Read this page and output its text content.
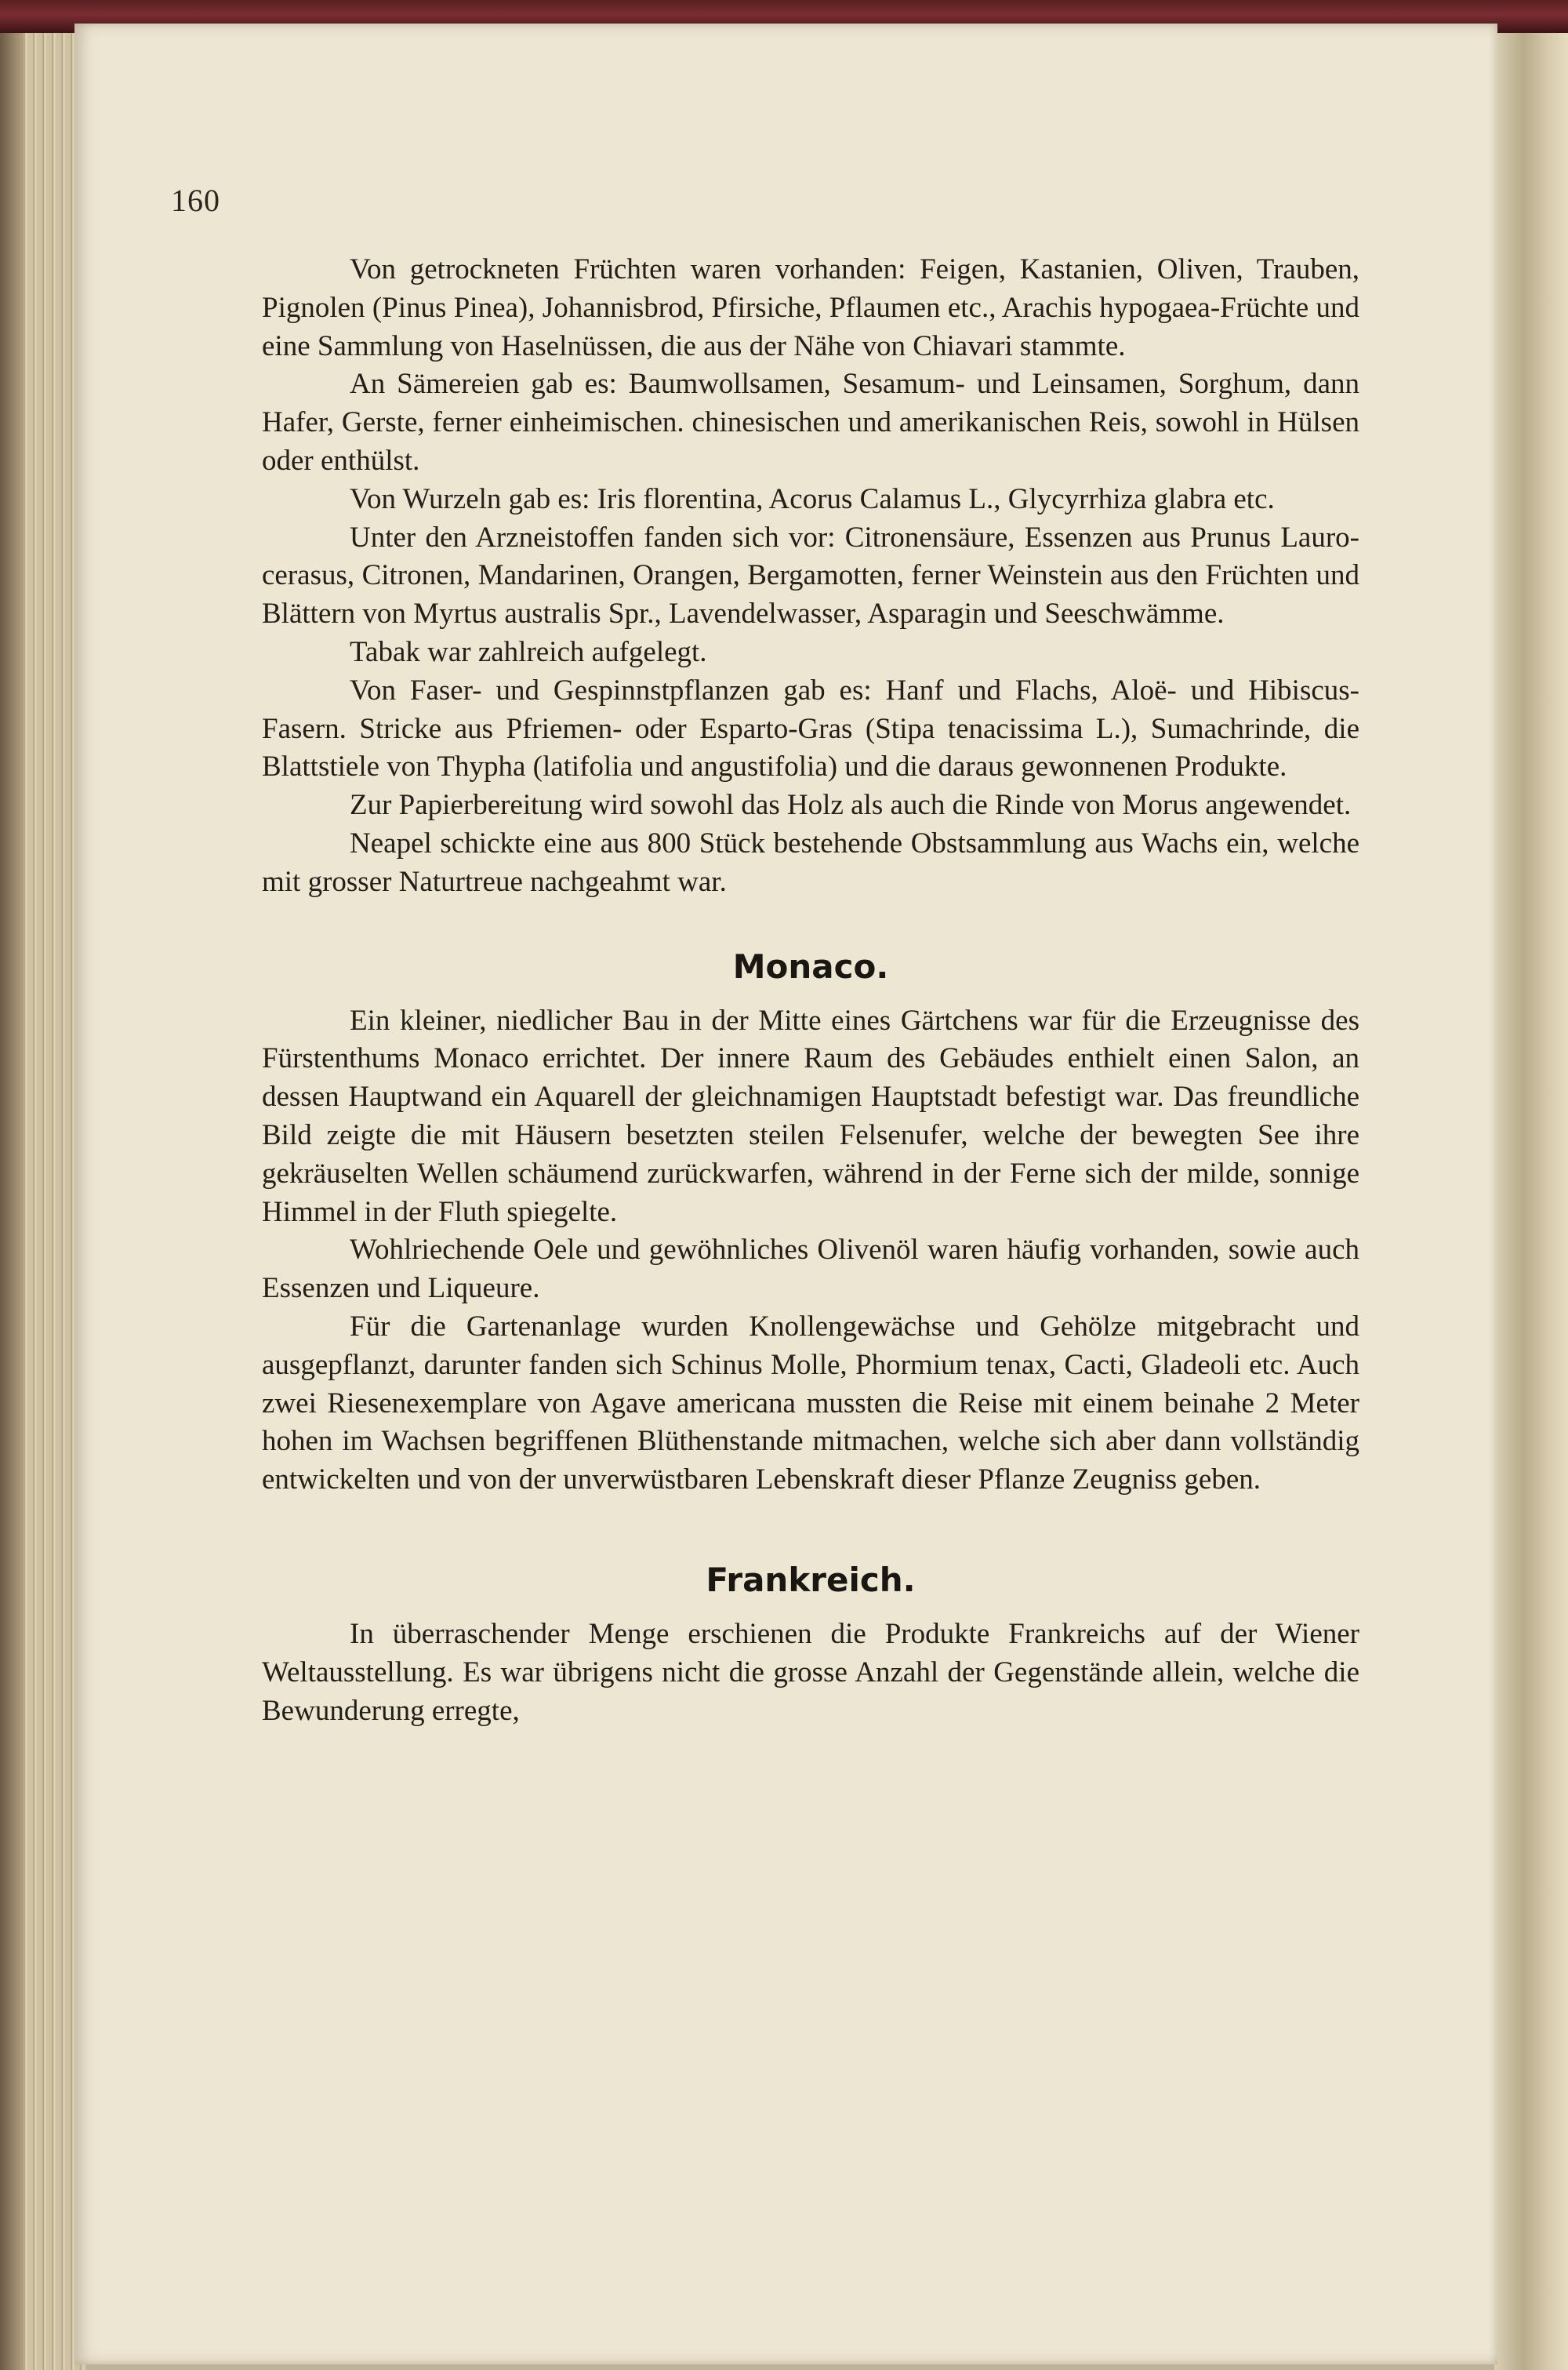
160

Von getrockneten Früchten waren vorhanden: Feigen, Kastanien, Oliven, Trauben, Pignolen (Pinus Pinea), Johannisbrod, Pfirsiche, Pflaumen etc., Arachis hypogaea-Früchte und eine Sammlung von Haselnüssen, die aus der Nähe von Chiavari stammte.

An Sämereien gab es: Baumwollsamen, Sesamum- und Leinsamen, Sorghum, dann Hafer, Gerste, ferner einheimischen. chinesischen und amerikanischen Reis, sowohl in Hülsen oder enthülst.

Von Wurzeln gab es: Iris florentina, Acorus Calamus L., Glycyrrhiza glabra etc.

Unter den Arzneistoffen fanden sich vor: Citronensäure, Essenzen aus Prunus Lauro-cerasus, Citronen, Mandarinen, Orangen, Bergamotten, ferner Weinstein aus den Früchten und Blättern von Myrtus australis Spr., Lavendelwasser, Asparagin und Seeschwämme.

Tabak war zahlreich aufgelegt.

Von Faser- und Gespinnstpflanzen gab es: Hanf und Flachs, Aloë- und Hibiscus-Fasern. Stricke aus Pfriemen- oder Esparto-Gras (Stipa tenacissima L.), Sumachrinde, die Blattstiele von Thypha (latifolia und angustifolia) und die daraus gewonnenen Produkte.

Zur Papierbereitung wird sowohl das Holz als auch die Rinde von Morus angewendet.

Neapel schickte eine aus 800 Stück bestehende Obstsammlung aus Wachs ein, welche mit grosser Naturtreue nachgeahmt war.

Monaco.

Ein kleiner, niedlicher Bau in der Mitte eines Gärtchens war für die Erzeugnisse des Fürstenthums Monaco errichtet. Der innere Raum des Gebäudes enthielt einen Salon, an dessen Hauptwand ein Aquarell der gleichnamigen Hauptstadt befestigt war. Das freundliche Bild zeigte die mit Häusern besetzten steilen Felsenufer, welche der bewegten See ihre gekräuselten Wellen schäumend zurückwarfen, während in der Ferne sich der milde, sonnige Himmel in der Fluth spiegelte.

Wohlriechende Oele und gewöhnliches Olivenöl waren häufig vorhanden, sowie auch Essenzen und Liqueure.

Für die Gartenanlage wurden Knollengewächse und Gehölze mitgebracht und ausgepflanzt, darunter fanden sich Schinus Molle, Phormium tenax, Cacti, Gladeoli etc. Auch zwei Riesenexemplare von Agave americana mussten die Reise mit einem beinahe 2 Meter hohen im Wachsen begriffenen Blüthenstande mitmachen, welche sich aber dann vollständig entwickelten und von der unverwüstbaren Lebenskraft dieser Pflanze Zeugniss geben.

Frankreich.

In überraschender Menge erschienen die Produkte Frankreichs auf der Wiener Weltausstellung. Es war übrigens nicht die grosse Anzahl der Gegenstände allein, welche die Bewunderung erregte,
